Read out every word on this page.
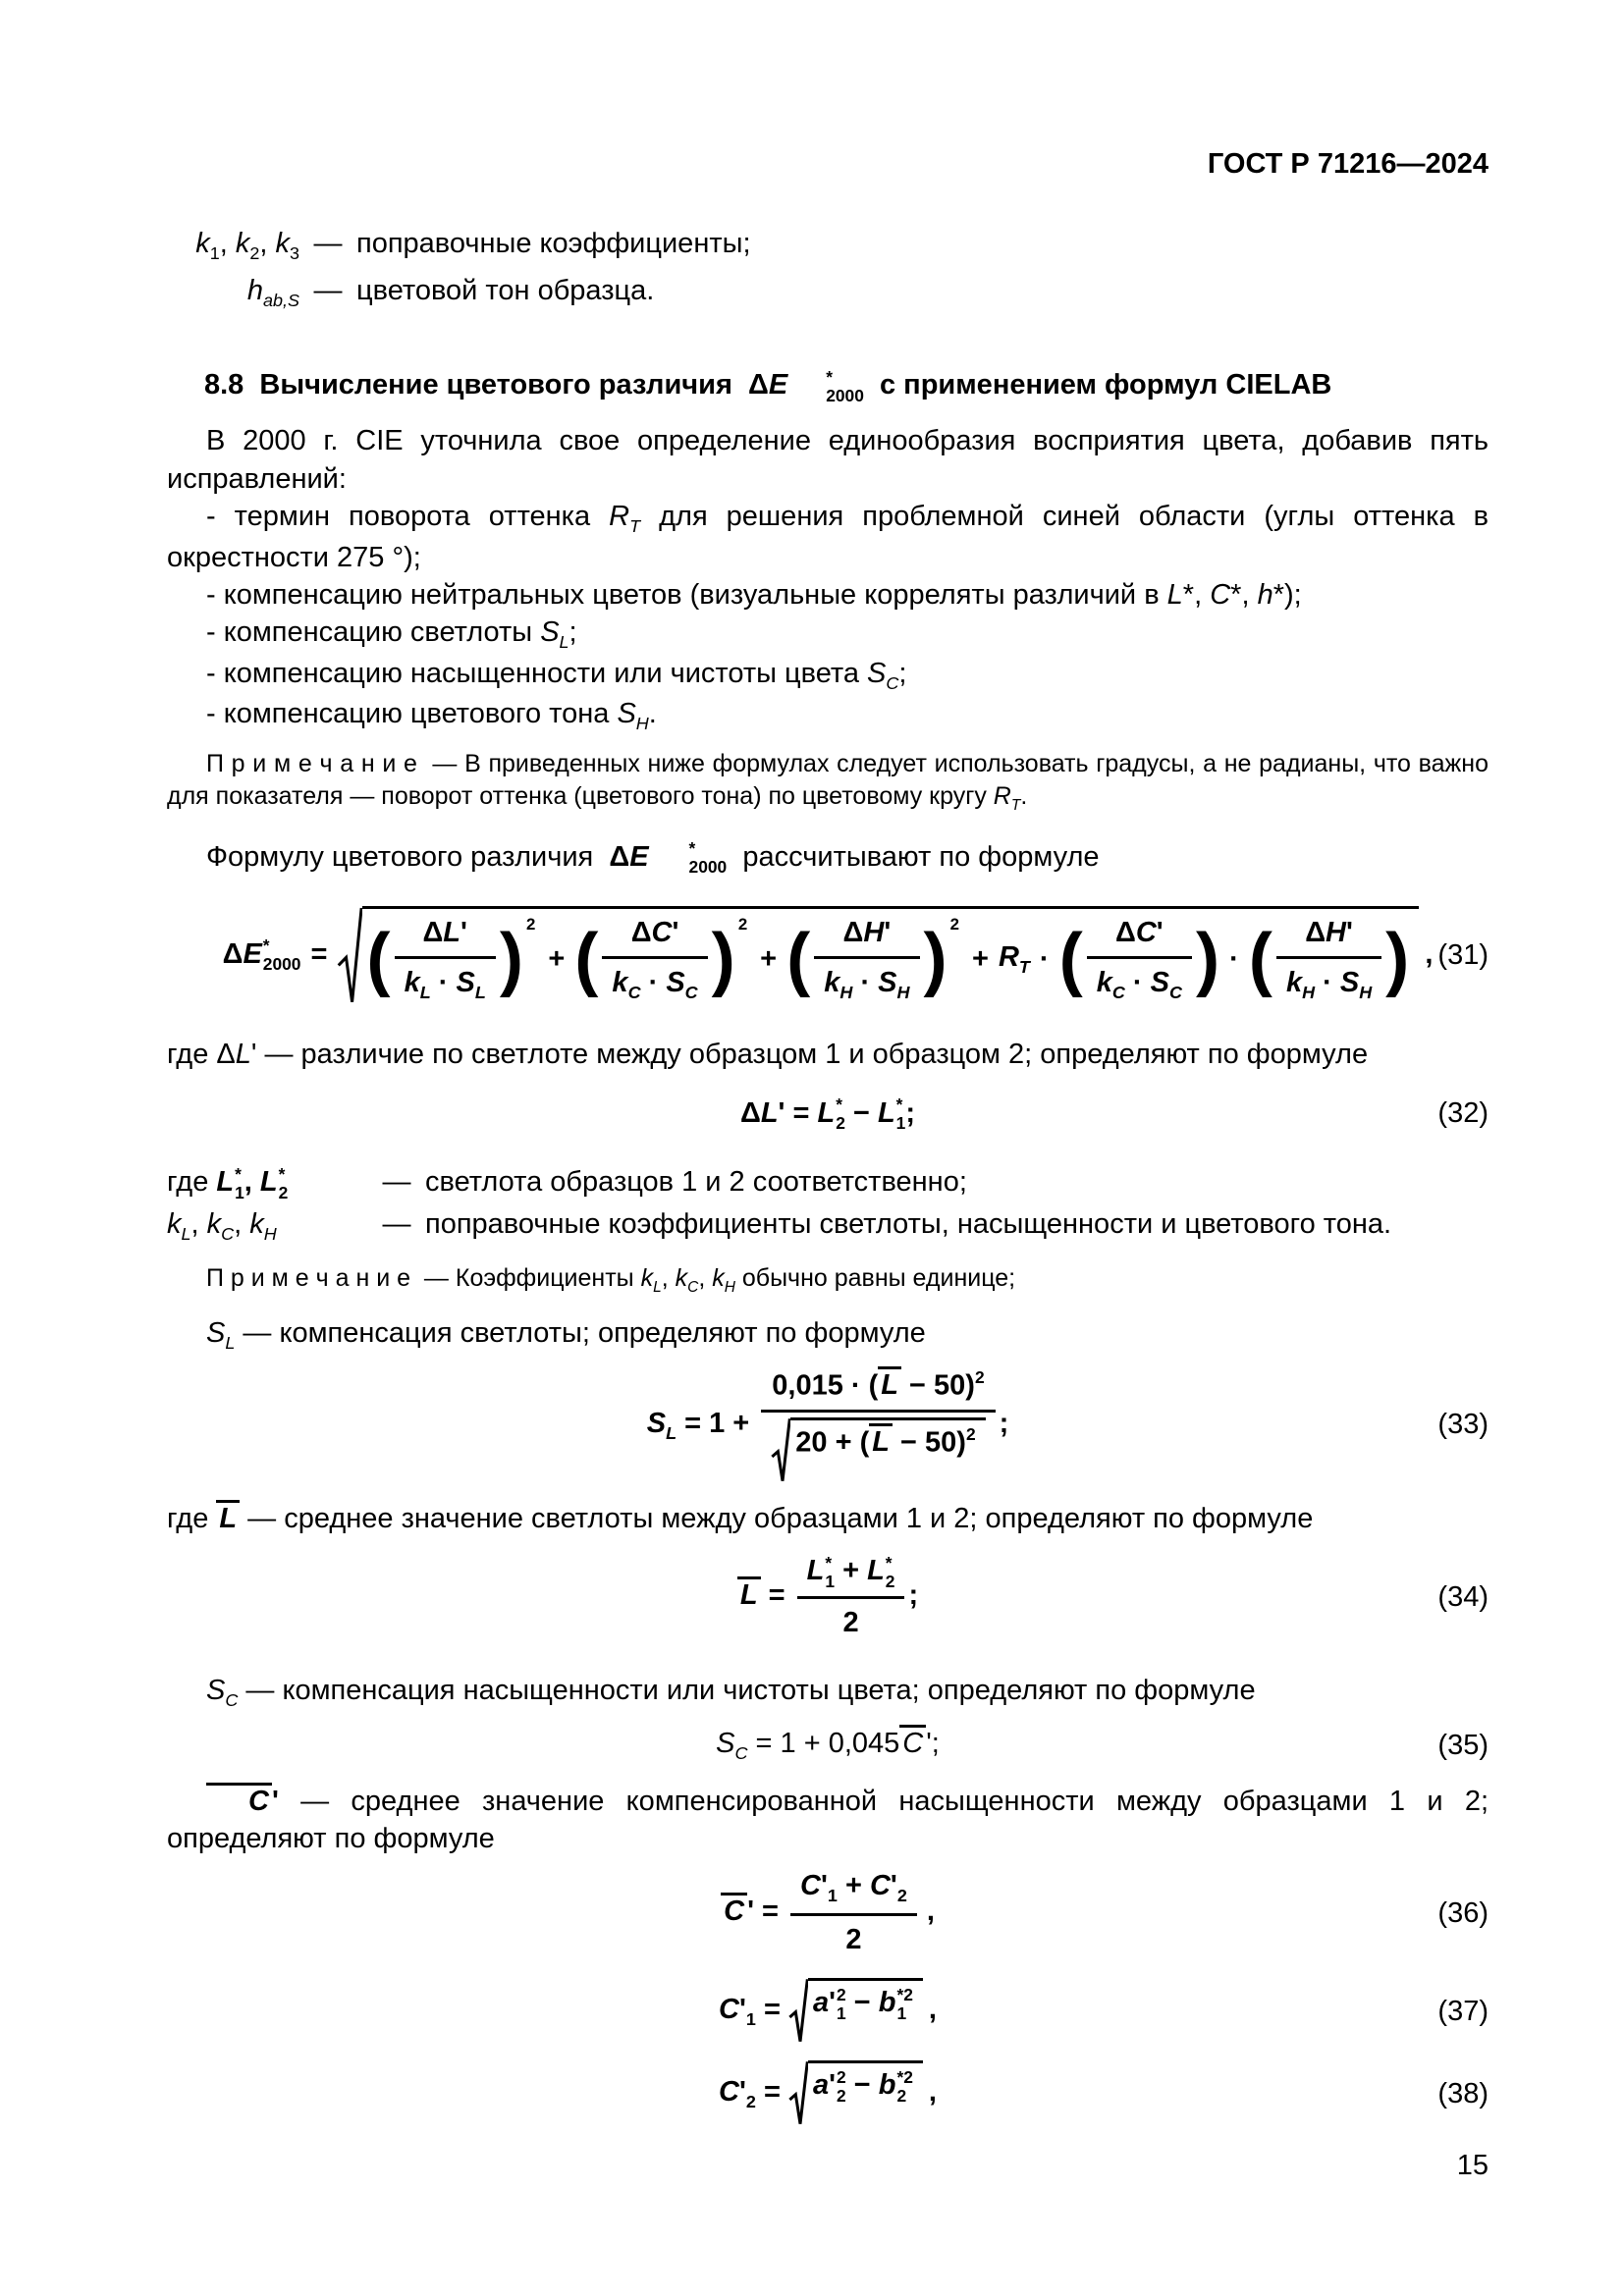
ГОСТ Р 71216—2024
$k_1$, $k_2$, $k_3$ — поправочные коэффициенты;
$h_{ab,S}$ — цветовой тон образца.
8.8  Вычисление цветового различия  ΔE	*
2000 с применением формул CIELAB

В 2000 г. CIE уточнила свое определение единообразия восприятия цвета, добавив пять исправлений:

- термин поворота оттенка $R_T$ для решения проблемной синей области (углы оттенка в окрестности 275 °);

- компенсацию нейтральных цветов (визуальные корреляты различий в L*, C*, h*);

- компенсацию светлоты $S_L$;

- компенсацию насыщенности или чистоты цвета $S_C$;

- компенсацию цветового тона $S_H$.

П р и м е ч а н и е  — В приведенных ниже формулах следует использовать градусы, а не радианы, что важно для показателя — поворот оттенка (цветового тона) по цветовому кругу $R_T$.

Формулу цветового различия  ΔE	*
2000 рассчитывают по формуле

ΔE *
2000 = ( $\frac{\Delta L'}{k_L \cdot S_L}$ ) 2
+ ( $\frac{\Delta C'}{k_C \cdot S_C}$ ) 2
+ ( $\frac{\Delta H'}{k_H \cdot S_H}$ ) 2
+ $R_T$ · ( $\frac{\Delta C'}{k_C \cdot S_C}$ ) · ( $\frac{\Delta H'}{k_H \cdot S_H}$ ) , (31)

где ΔL' — различие по светлоте между образцом 1 и образцом 2; определяют по формуле

ΔL' = L *
2 − L *
1 ;	(32)
где L *
1 , L *
2	— светлота образцов 1 и 2 соответственно;
$k_L$, $k_C$, $k_H$	— поправочные коэффициенты светлоты, насыщенности и цветового тона.

П р и м е ч а н и е  — Коэффициенты $k_L$, $k_C$, $k_H$ обычно равны единице;

$S_L$ — компенсация светлоты; определяют по формуле

$S_L = 1 + \frac{0,015 \cdot ( L - 50)^2}{20 + ( L - 50)^2}$ ;	(33)

где L — среднее значение светлоты между образцами 1 и 2; определяют по формуле

L = L *
1 + L *
2
2 ;	(34)

$S_C$ — компенсация насыщенности или чистоты цвета; определяют по формуле

$S_C = 1 + 0,045$ C ';	(35)

C ' — среднее значение компенсированной насыщенности между образцами 1 и 2; определяют по формуле

C ' = $\frac{C'_1 + C'_2}{2}$ ,	(36)
$C'_1 = a'$ 2
1 − b *2
1 ,	(37)
$C'_2 = a'$ 2
2 − b *2
2 ,	(38)
15
